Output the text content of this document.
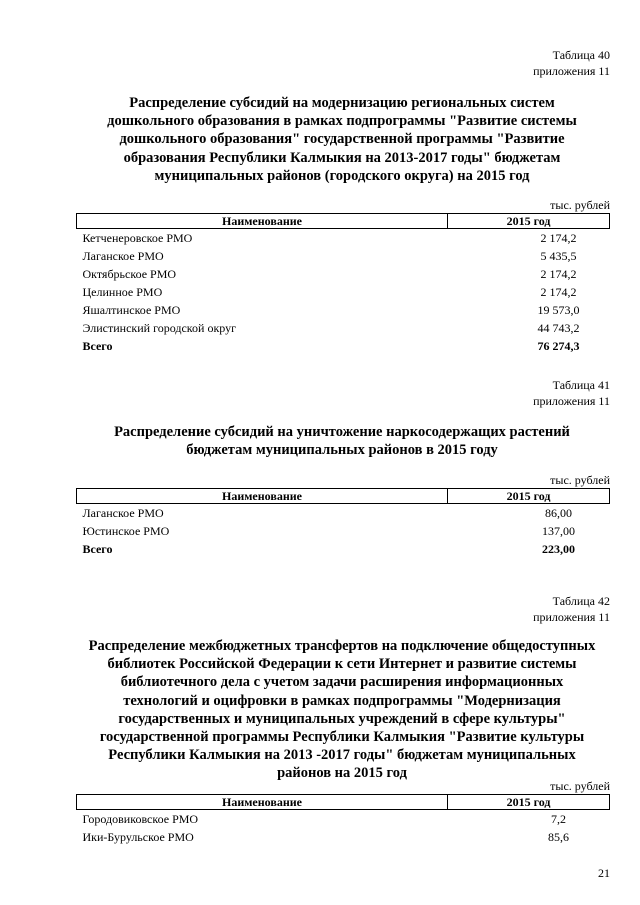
Таблица 40
приложения 11
Распределение субсидий на модернизацию региональных систем
дошкольного образования в рамках подпрограммы "Развитие системы
дошкольного образования" государственной программы "Развитие
образования Республики Калмыкия на 2013-2017 годы" бюджетам
муниципальных районов (городского округа) на 2015 год
тыс. рублей
Наименование	2015 год
Кетченеровское РМО	2 174,2
Лаганское РМО	5 435,5
Октябрьское РМО	2 174,2
Целинное РМО	2 174,2
Яшалтинское РМО	19 573,0
Элистинский городской округ	44 743,2
Всего	76 274,3
Таблица 41
приложения 11
Распределение субсидий на уничтожение наркосодержащих растений
бюджетам муниципальных районов в 2015 году
тыс. рублей
Наименование	2015 год
Лаганское РМО	86,00
Юстинское РМО	137,00
Всего	223,00
Таблица 42
приложения 11
Распределение межбюджетных трансфертов на подключение общедоступных
библиотек Российской Федерации к сети Интернет и развитие системы
библиотечного дела с учетом задачи расширения информационных
технологий и оцифровки в рамках подпрограммы "Модернизация
государственных и муниципальных учреждений в сфере культуры"
государственной программы Республики Калмыкия "Развитие культуры
Республики Калмыкия на 2013 -2017 годы" бюджетам муниципальных
районов на 2015 год
тыс. рублей
Наименование	2015 год
Городовиковское РМО	7,2
Ики-Бурульское РМО	85,6
21
